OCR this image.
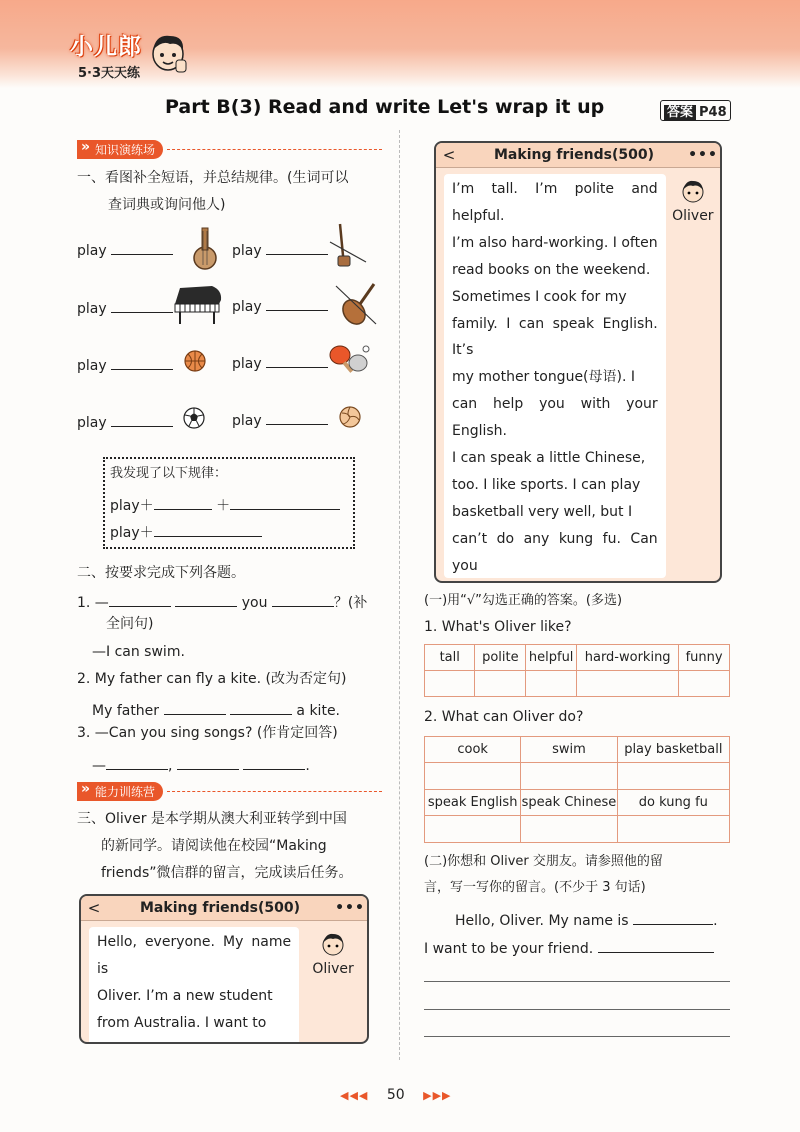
小儿郎
5·3天天练
Part B(3) Read and write Let's wrap it up	答案 P48
» 知识演练场
一、看图补全短语，并总结规律。(生词可以
查词典或询问他人)
play	play
play	play
play	play
play	play
我发现了以下规律：
play＋	＋
play＋
二、按要求完成下列各题。
1. —	you	？(补
全问句)
—I can swim.
2. My father can fly a kite. (改为否定句)
My father	a kite.
3. —Can you sing songs? (作肯定回答)
—	,	.
» 能力训练营
三、Oliver 是本学期从澳大利亚转学到中国
的新同学。请阅读他在校园“Making
friends”微信群的留言，完成读后任务。
<	Making friends(500)	•••
Hello, everyone. My name is
Oliver. I’m a new student
from Australia. I want to
Oliver
<	Making friends(500)	•••
I’m tall. I’m polite and helpful.
I’m also hard-working. I often
read books on the weekend.
Sometimes I cook for my
family. I can speak English. It’s
my mother tongue(母语). I
can help you with your English.
I can speak a little Chinese,
too. I like sports. I can play
basketball very well, but I
can’t do any kung fu. Can you
Oliver
(一)用“√”勾选正确的答案。(多选)
1. What's Oliver like?
tall	polite	helpful	hard-working	funny

2. What can Oliver do?
cook	swim	play basketball

speak English	speak Chinese	do kung fu

(二)你想和 Oliver 交朋友。请参照他的留
言，写一写你的留言。(不少于 3 句话)
Hello, Oliver. My name is	.
I want to be your friend.
◀◀◀ 50 ▶▶▶
